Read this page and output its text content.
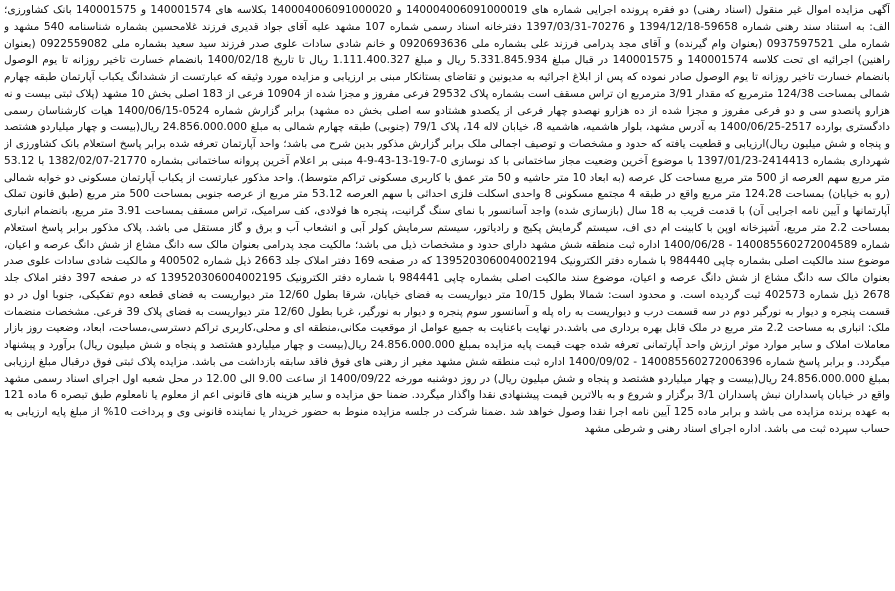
آگهی مزایده اموال غیر منقول (اسناد رهنی) دو فقره پرونده اجرایی شماره های 140004006091000019 و 140004006091000020 بکلاسه های 140001574 و 140001575 بانک کشاورزی؛ الف: به استناد سند رهنی شماره 59658-1394/12/18 و 70276-1397/03/31 دفترخانه اسناد رسمی شماره 107 مشهد علیه آقای جواد قدیری فرزند غلامحسین بشماره شناسنامه 540 مشهد و شماره ملی 0937597521 (بعنوان وام گیرنده) و آقای مجد پدرامی فرزند علی بشماره ملی 0920693636 و خانم شادی سادات علوی صدر فرزند سید سعید بشماره ملی 0922559082 (بعنوان راهنین) اجرائیه ای تحت کلاسه 140001574 و 140001575 در قبال مبلغ 5.331.845.934 ریال و مبلغ 1.111.400.327 ریال تا تاریخ 1400/02/18 بانضمام خسارت تاخیر روزانه تا یوم الوصول بانضمام خسارت تاخیر روزانه تا یوم الوصول صادر نموده که پس از ابلاغ اجرائیه به مدیونین و تقاضای بستانکار مبنی بر ارزیابی و مزایده مورد وثیقه که عبارتست از ششدانگ یکباب آپارتمان طبقه چهارم شمالی بمساحت 124/38 مترمربع که مقدار 3/91 مترمربع ان تراس مسقف است بشماره پلاک 29532 فرعی مفروز و مجزا شده از 10904 فرعی از 183 اصلی بخش 10 مشهد (پلاک ثبتی بیست و نه هزارو پانصدو سی و دو فرعی مفروز و مجزا شده از ده هزارو نهصدو چهار فرعی از یکصدو هشتادو سه اصلی بخش ده مشهد) برابر گزارش شماره 0524-1400/06/15 هیات کارشناسان رسمی دادگستری بوارده 2517-1400/06/25 به آدرس مشهد، بلوار هاشمیه، هاشمیه 8، خیابان لاله 14، پلاک 79/1 (جنوبی) طبقه چهارم شمالی به مبلغ 24.856.000.000 ریال(بیست و چهار میلیاردو هشتصد و پنجاه و شش میلیون ریال)ارزیابی و قطعیت یافته که حدود و مشخصات و توصیف اجمالی ملک برابر گزارش مذکور بدین شرح می باشد؛ واحد آپارتمان تعرفه شده برابر پاسخ استعلام بانک کشاورزی از شهرداری بشماره 2414413-1397/01/23 با موضوع آخرین وضعیت مجاز ساختمانی با کد نوسازی 0-7-19-13-43-9-4 مبنی بر اعلام آخرین پروانه ساختمانی بشماره 21770-1382/02/07 با 53.12 متر مربع سهم العرصه از 500 متر مربع مساحت کل عرصه (به ابعاد 10 متر حاشیه و 50 متر عمق با کاربری مسکونی تراکم متوسط). واحد مذکور عبارتست از یکباب آپارتمان مسکونی دو خوابه شمالی (رو به خیابان) بمساحت 124.28 متر مربع واقع در طبقه 4 مجتمع مسکونی 8 واحدی اسکلت فلزی احداثی با سهم العرصه 53.12 متر مربع از عرصه جنوبی بمساحت 500 متر مربع (طبق قانون تملک آپارتمانها و آیین نامه اجرایی آن) با قدمت قریب به 18 سال (بازسازی شده) واجد آسانسور با نمای سنگ گرانیت، پنجره ها فولادی، کف سرامیک، تراس مسقف بمساحت 3.91 متر مربع، بانضمام انباری بمساحت 2.2 متر مربع، آشپزخانه اوپن با کابینت ام دی اف، سیستم گرمایش پکیج و رادیاتور، سیستم سرمایش کولر آبی و انشعاب آب و برق و گاز مستقل می باشد. پلاک مذکور برابر پاسخ استعلام شماره 140085560272004589 - 1400/06/28 اداره ثبت منطقه شش مشهد دارای حدود و مشخصات ذیل می باشد؛ مالکیت مجد پدرامی بعنوان مالک سه دانگ مشاع از شش دانگ عرصه و اعیان، موضوع سند مالکیت اصلی بشماره چاپی 984440 با شماره دفتر الکترونیک 139520306004002194 که در صفحه 169 دفتر املاک جلد 2663 ذیل شماره 400502 و مالکیت شادی سادات علوی صدر بعنوان مالک سه دانگ مشاع از شش دانگ عرصه و اعیان، موضوع سند مالکیت اصلی بشماره چاپی 984441 با شماره دفتر الکترونیک 139520306004002195 که در صفحه 397 دفتر املاک جلد 2678 ذیل شماره 402573 ثبت گردیده است. و محدود است: شمالا بطول 10/15 متر دیواریست به فضای خیابان، شرقا بطول 12/60 متر دیواریست به فضای قطعه دوم تفکیکی، جنوبا اول در دو قسمت پنجره و دیوار به نورگیر دوم در سه قسمت درب و دیواریست به راه پله و آسانسور سوم پنجره و دیوار به نورگیر، غربا بطول 12/60 متر دیواریست به فضای پلاک 39 فرعی. مشخصات منضمات ملک: انباری به مساحت 2.2 متر مربع در ملک قابل بهره برداری می باشد.در نهایت باعنایت به جمیع عوامل از موقعیت مکانی،منطقه ای و محلی،کاربری تراکم دسترسی،مساحت، ابعاد، وضعیت روز بازار معاملات املاک و سایر موارد موثر ارزش واحد آپارتمانی تعرفه شده جهت قیمت پایه مزایده بمبلغ 24.856.000.000 ریال(بیست و چهار میلیاردو هشتصد و پنجاه و شش میلیون ریال) برآورد و پیشنهاد میگردد. و برابر پاسخ شماره 140085560272006396 - 1400/09/02 اداره ثبت منطقه شش مشهد مغیر از رهنی های فوق فاقد سابقه بازداشت می باشد. مزایده پلاک ثبتی فوق درقبال مبلغ ارزیابی بمبلغ 24.856.000.000 ریال(بیست و چهار میلیاردو هشتصد و پنجاه و شش میلیون ریال) در روز دوشنبه مورخه 1400/09/22 از ساعت 9.00 الی 12.00 در محل شعبه اول اجرای اسناد رسمی مشهد واقع در خیابان پاسداران نبش پاسداران 3/1 برگزار و شروع و به بالاترین قیمت پیشنهادی نقدا واگذار میگردد. ضمنا حق مزایده و سایر هزینه های قانونی اعم از معلوم یا نامعلوم طبق تبصره 6 ماده 121 به عهده برنده مزایده می باشد و برابر ماده 125 آیین نامه اجرا نقدا وصول خواهد شد .ضمنا شرکت در جلسه مزایده منوط به حضور خریدار یا نماینده قانونی وی و پرداخت 10% از مبلغ پایه ارزیابی به حساب سپرده ثبت می باشد. اداره اجرای اسناد رهنی و شرطی مشهد
